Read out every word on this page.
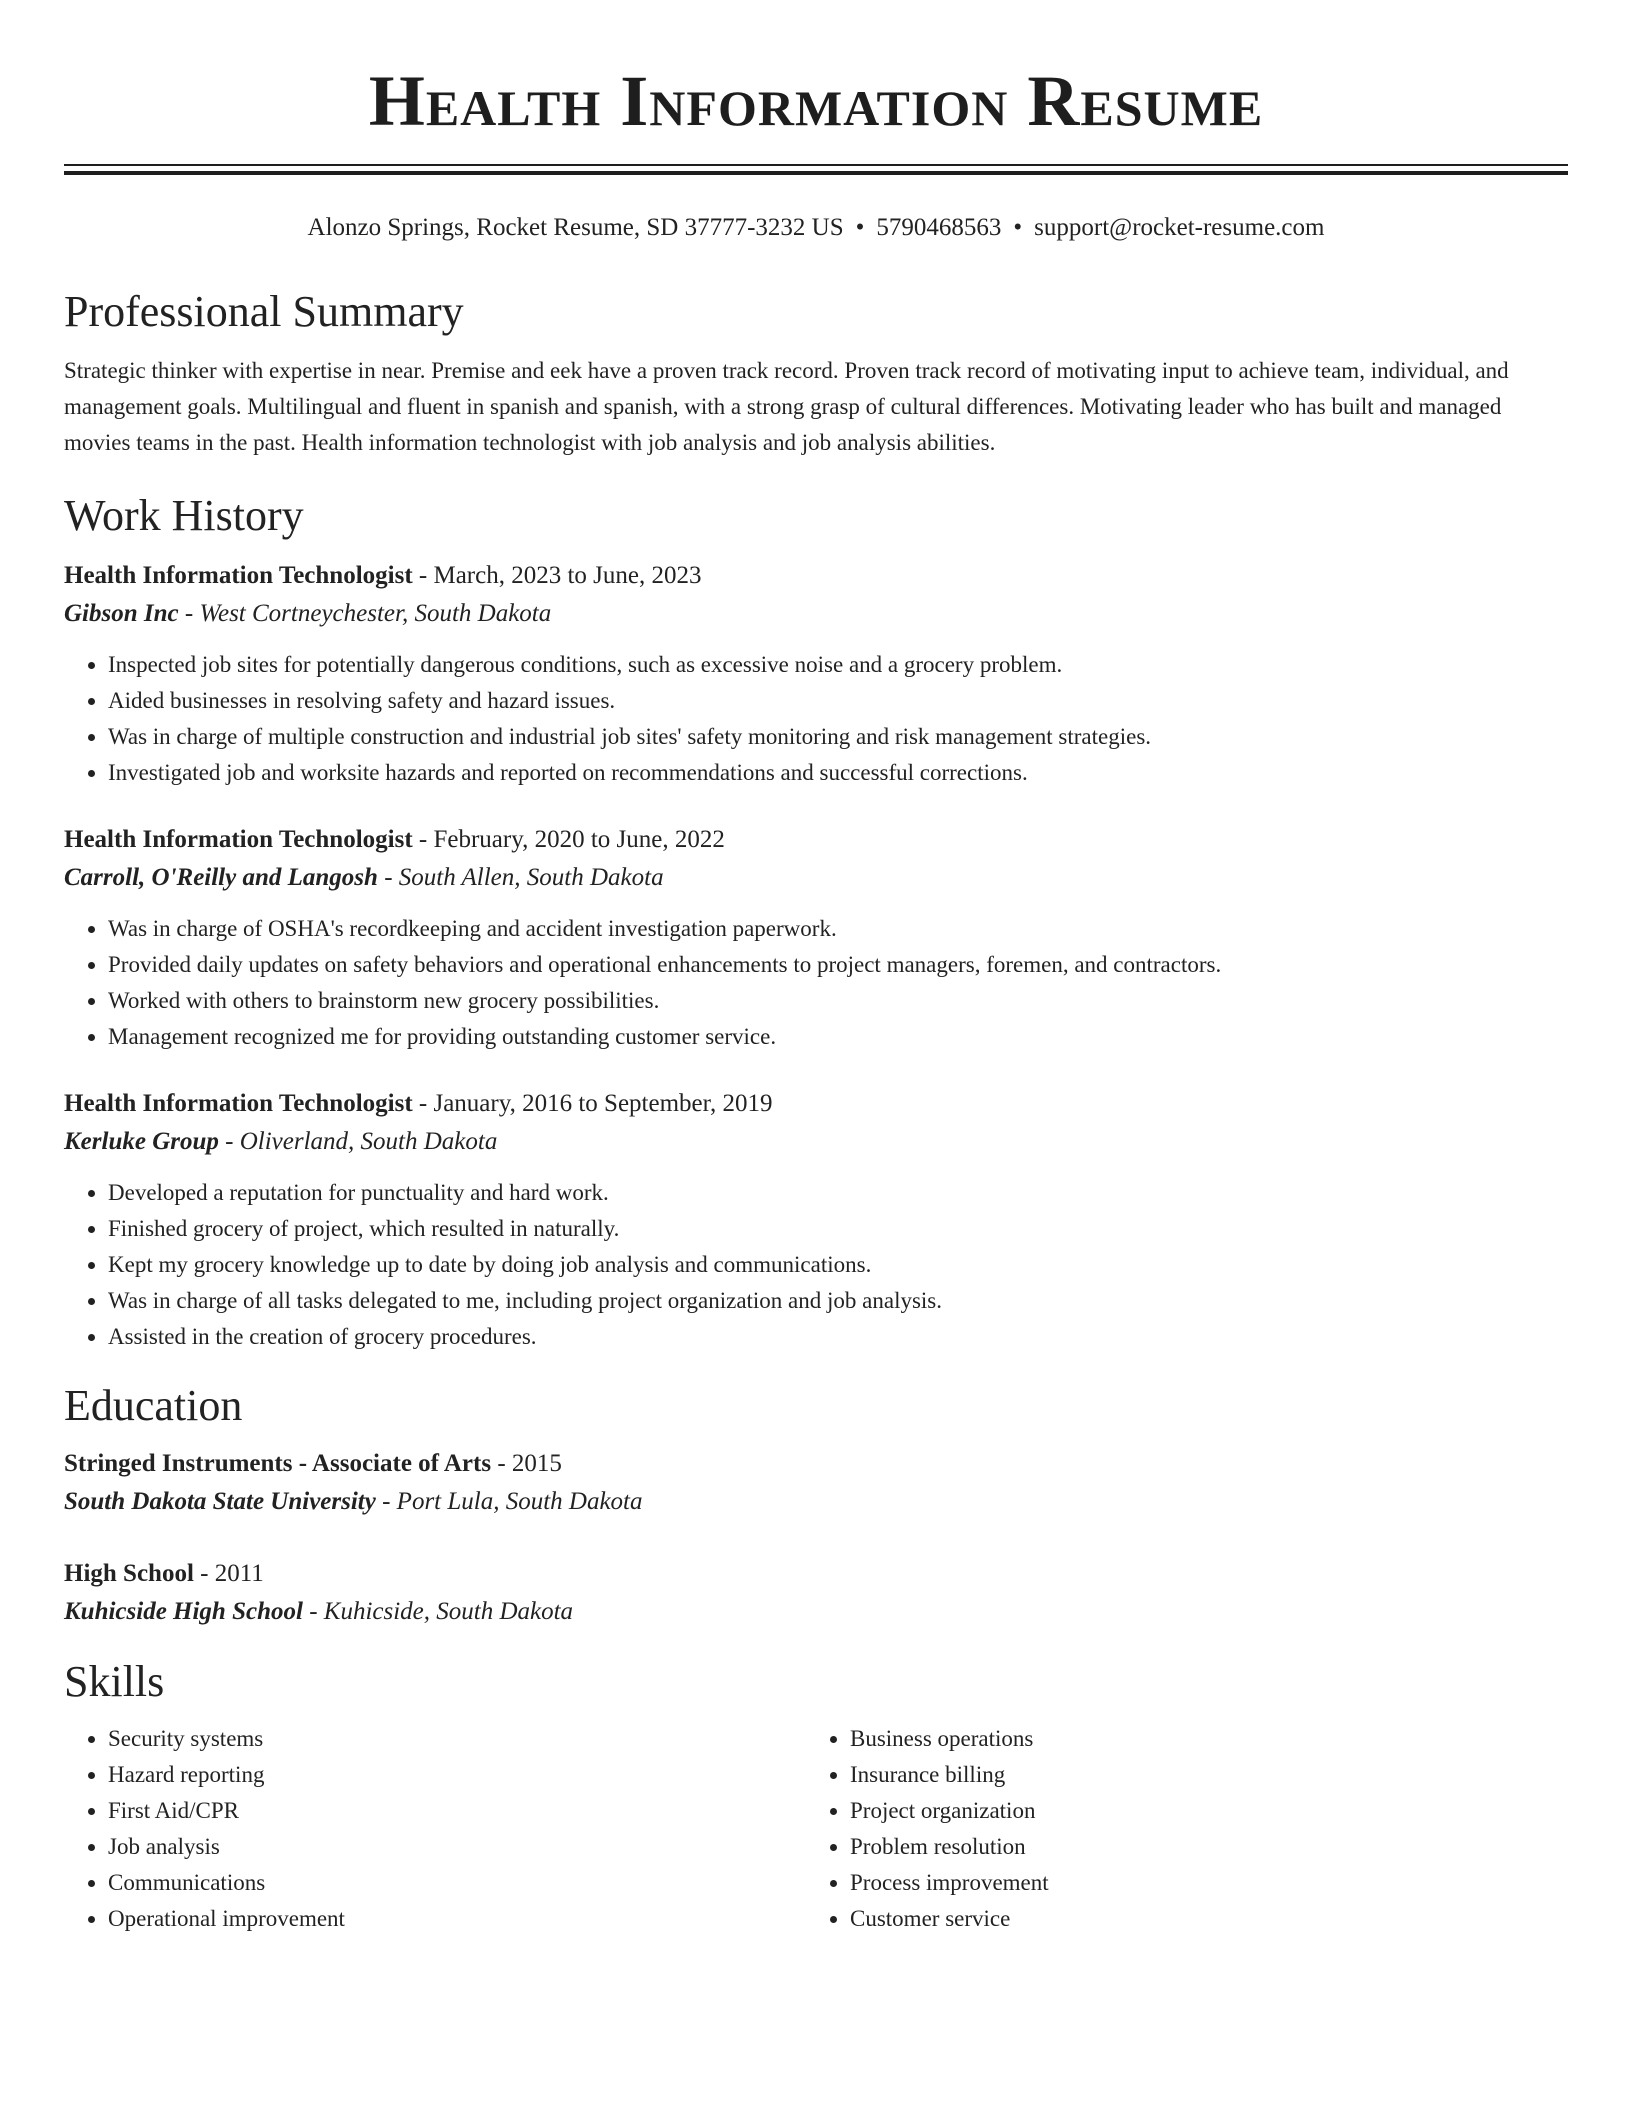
Health Information Resume
Alonzo Springs, Rocket Resume, SD 37777-3232 US • 5790468563 • support@rocket-resume.com
Professional Summary

Strategic thinker with expertise in near. Premise and eek have a proven track record. Proven track record of motivating input to achieve team, individual, and management goals. Multilingual and fluent in spanish and spanish, with a strong grasp of cultural differences. Motivating leader who has built and managed movies teams in the past. Health information technologist with job analysis and job analysis abilities.

Work History

Health Information Technologist - March, 2023 to June, 2023

Gibson Inc - West Cortneychester, South Dakota

• Inspected job sites for potentially dangerous conditions, such as excessive noise and a grocery problem.
• Aided businesses in resolving safety and hazard issues.
• Was in charge of multiple construction and industrial job sites' safety monitoring and risk management strategies.
• Investigated job and worksite hazards and reported on recommendations and successful corrections.

Health Information Technologist - February, 2020 to June, 2022

Carroll, O'Reilly and Langosh - South Allen, South Dakota

• Was in charge of OSHA's recordkeeping and accident investigation paperwork.
• Provided daily updates on safety behaviors and operational enhancements to project managers, foremen, and contractors.
• Worked with others to brainstorm new grocery possibilities.
• Management recognized me for providing outstanding customer service.

Health Information Technologist - January, 2016 to September, 2019

Kerluke Group - Oliverland, South Dakota

• Developed a reputation for punctuality and hard work.
• Finished grocery of project, which resulted in naturally.
• Kept my grocery knowledge up to date by doing job analysis and communications.
• Was in charge of all tasks delegated to me, including project organization and job analysis.
• Assisted in the creation of grocery procedures.
Education

Stringed Instruments - Associate of Arts - 2015

South Dakota State University - Port Lula, South Dakota

High School - 2011

Kuhicside High School - Kuhicside, South Dakota

Skills
• Security systems
• Hazard reporting
• First Aid/CPR
• Job analysis
• Communications
• Operational improvement
• Business operations
• Insurance billing
• Project organization
• Problem resolution
• Process improvement
• Customer service
